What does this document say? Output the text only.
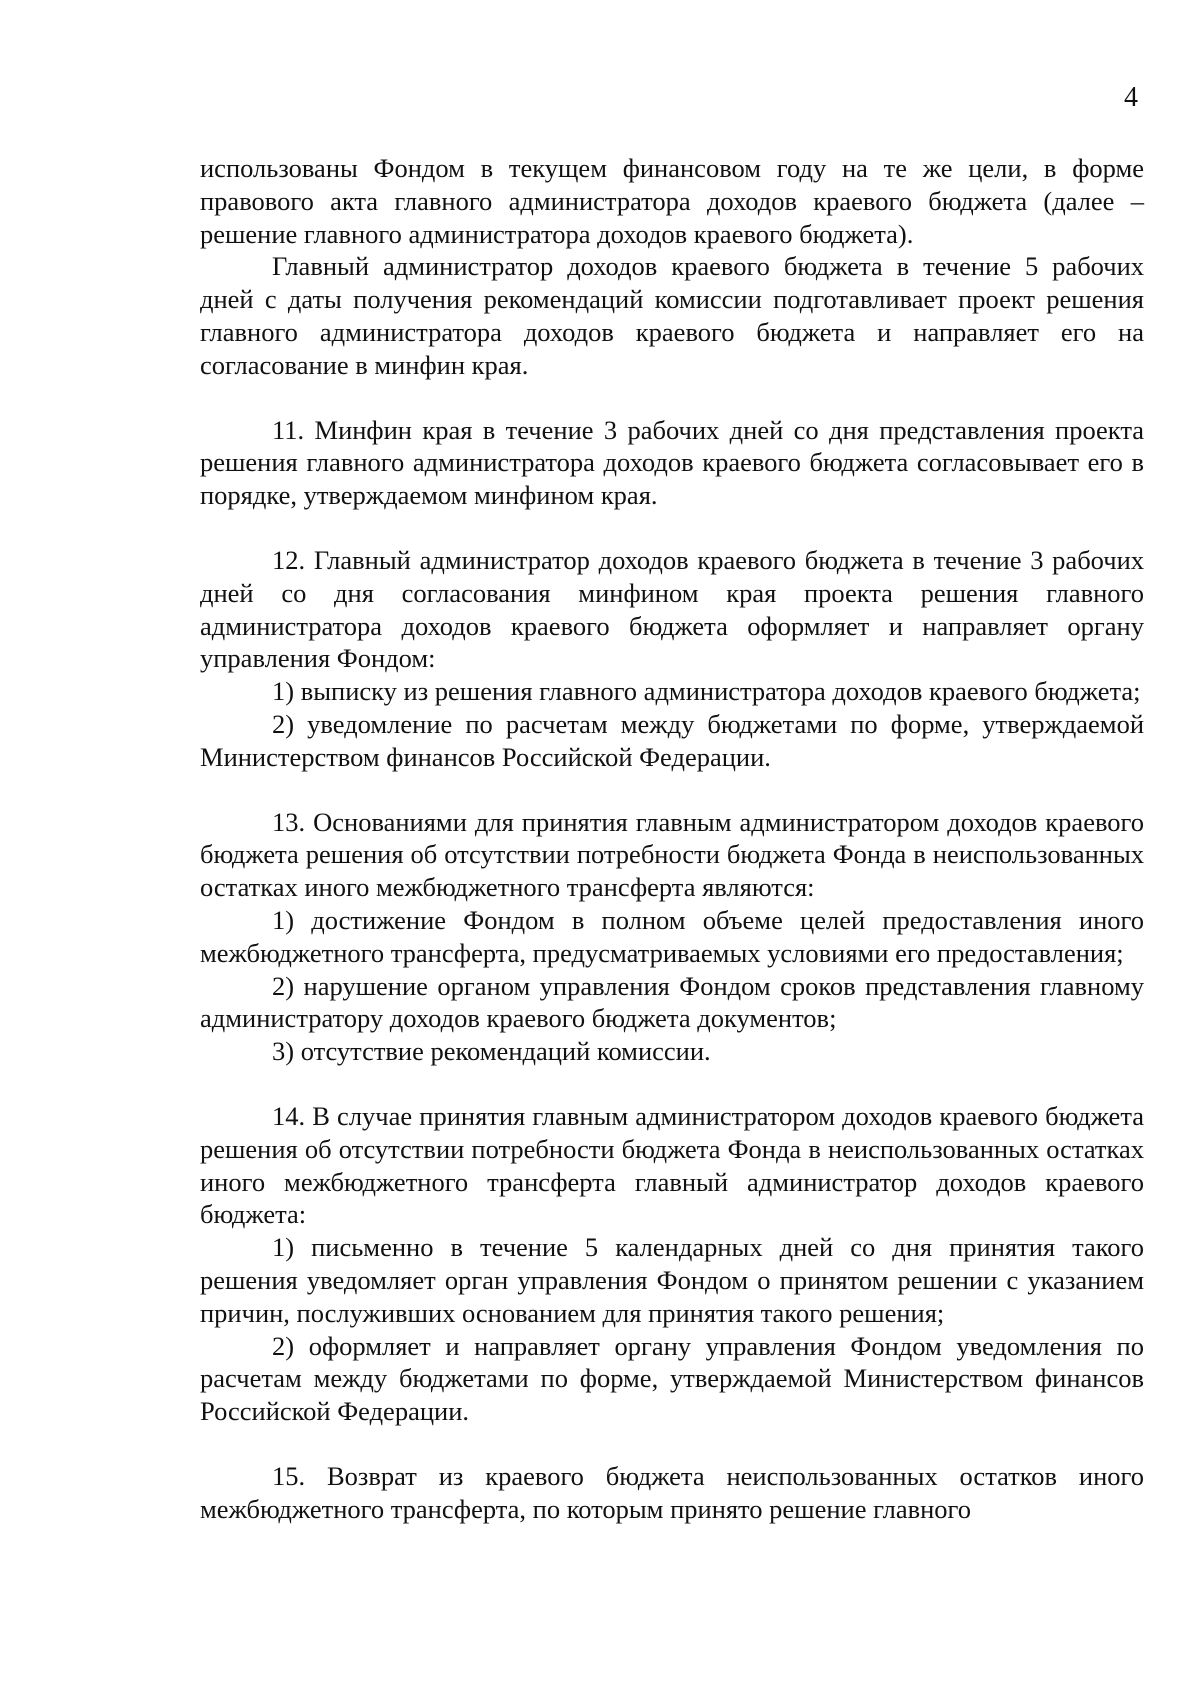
4

использованы Фондом в текущем финансовом году на те же цели, в форме правового акта главного администратора доходов краевого бюджета (далее – решение главного администратора доходов краевого бюджета).

Главный администратор доходов краевого бюджета в течение 5 рабочих дней с даты получения рекомендаций комиссии подготавливает проект решения главного администратора доходов краевого бюджета и направляет его на согласование в минфин края.

11. Минфин края в течение 3 рабочих дней со дня представления проекта решения главного администратора доходов краевого бюджета согласовывает его в порядке, утверждаемом минфином края.

12. Главный администратор доходов краевого бюджета в течение 3 рабочих дней со дня согласования минфином края проекта решения главного администратора доходов краевого бюджета оформляет и направляет органу управления Фондом:

1) выписку из решения главного администратора доходов краевого бюджета;

2) уведомление по расчетам между бюджетами по форме, утверждаемой Министерством финансов Российской Федерации.

13. Основаниями для принятия главным администратором доходов краевого бюджета решения об отсутствии потребности бюджета Фонда в неиспользованных остатках иного межбюджетного трансферта являются:

1) достижение Фондом в полном объеме целей предоставления иного межбюджетного трансферта, предусматриваемых условиями его предоставления;

2) нарушение органом управления Фондом сроков представления главному администратору доходов краевого бюджета документов;

3) отсутствие рекомендаций комиссии.

14. В случае принятия главным администратором доходов краевого бюджета решения об отсутствии потребности бюджета Фонда в неиспользованных остатках иного межбюджетного трансферта главный администратор доходов краевого бюджета:

1) письменно в течение 5 календарных дней со дня принятия такого решения уведомляет орган управления Фондом о принятом решении с указанием причин, послуживших основанием для принятия такого решения;

2) оформляет и направляет органу управления Фондом уведомления по расчетам между бюджетами по форме, утверждаемой Министерством финансов Российской Федерации.

15. Возврат из краевого бюджета неиспользованных остатков иного межбюджетного трансферта, по которым принято решение главного
